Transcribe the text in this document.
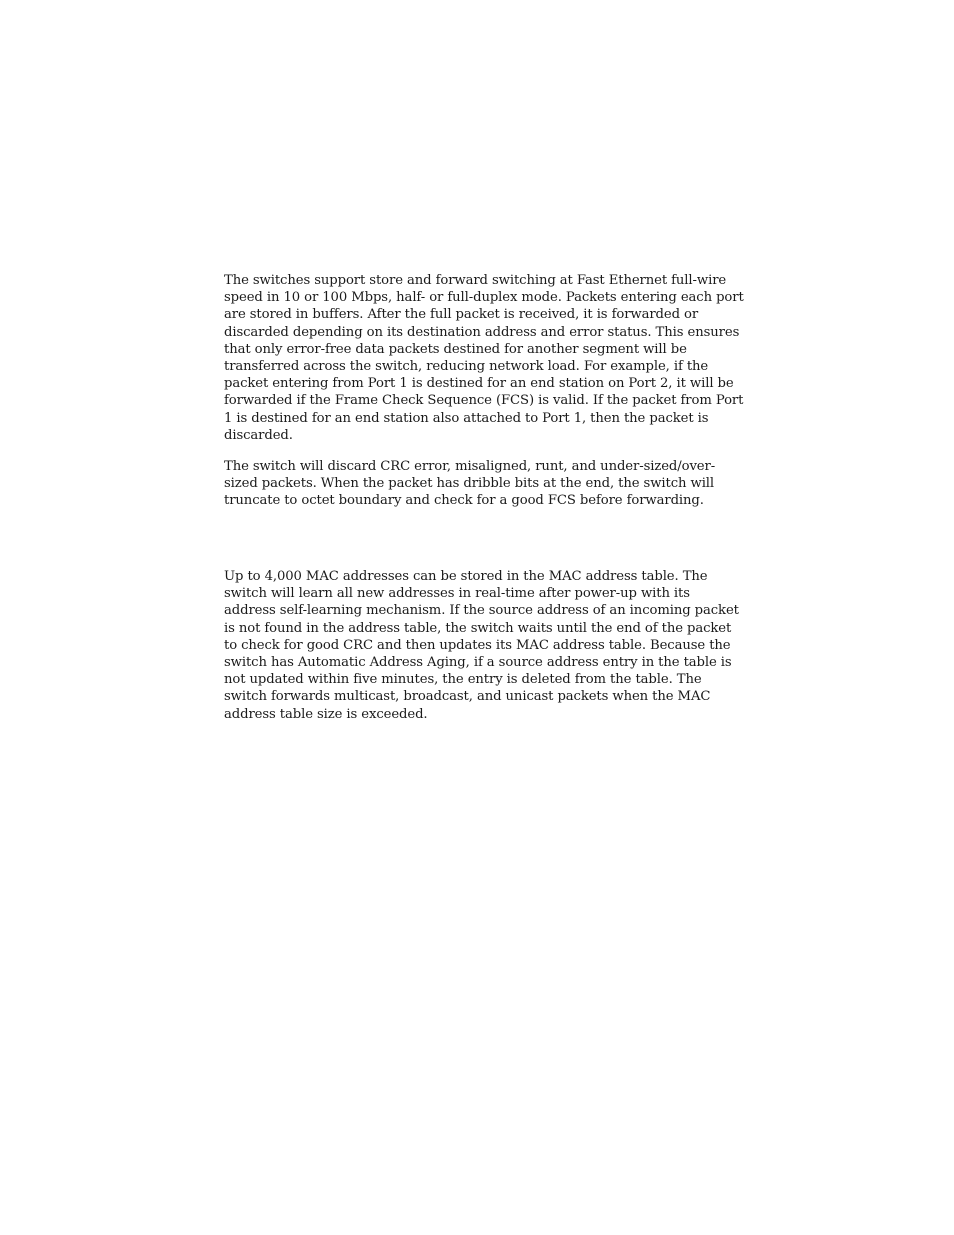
The switches support store and forward switching at Fast Ethernet full-wire
speed in 10 or 100 Mbps, half- or full-duplex mode. Packets entering each port
are stored in buffers. After the full packet is received, it is forwarded or
discarded depending on its destination address and error status. This ensures
that only error-free data packets destined for another segment will be
transferred across the switch, reducing network load. For example, if the
packet entering from Port 1 is destined for an end station on Port 2, it will be
forwarded if the Frame Check Sequence (FCS) is valid. If the packet from Port
1 is destined for an end station also attached to Port 1, then the packet is
discarded.

The switch will discard CRC error, misaligned, runt, and under-sized/over-
sized packets. When the packet has dribble bits at the end, the switch will
truncate to octet boundary and check for a good FCS before forwarding.

Up to 4,000 MAC addresses can be stored in the MAC address table. The
switch will learn all new addresses in real-time after power-up with its
address self-learning mechanism. If the source address of an incoming packet
is not found in the address table, the switch waits until the end of the packet
to check for good CRC and then updates its MAC address table. Because the
switch has Automatic Address Aging, if a source address entry in the table is
not updated within five minutes, the entry is deleted from the table. The
switch forwards multicast, broadcast, and unicast packets when the MAC
address table size is exceeded.
